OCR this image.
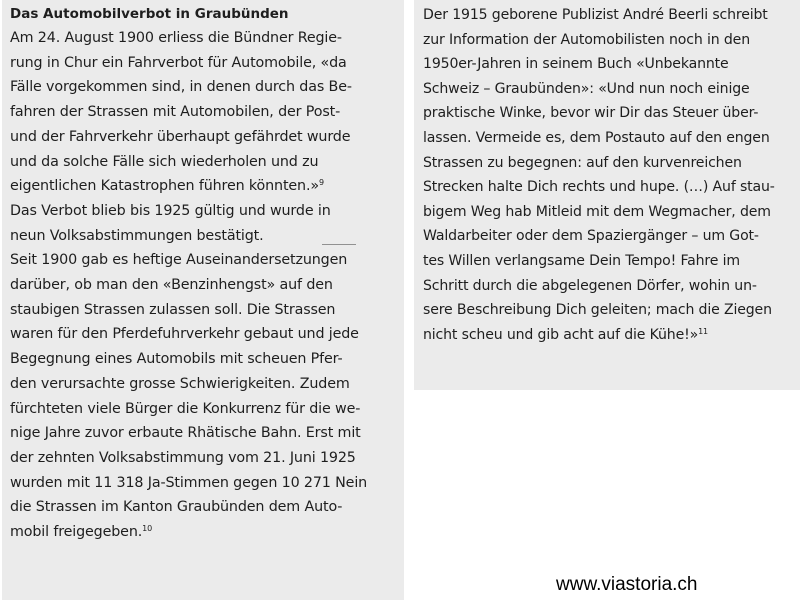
Das Automobilverbot in Graubünden
Am 24. August 1900 erliess die Bündner Regie-
rung in Chur ein Fahrverbot für Automobile, «da
Fälle vorgekommen sind, in denen durch das Be-
fahren der Strassen mit Automobilen, der Post-
und der Fahrverkehr überhaupt gefährdet wurde
und da solche Fälle sich wiederholen und zu
eigentlichen Katastrophen führen könnten.»$^9$
Das Verbot blieb bis 1925 gültig und wurde in
neun Volksabstimmungen bestätigt.
Seit 1900 gab es heftige Auseinandersetzungen
darüber, ob man den «Benzinhengst» auf den
staubigen Strassen zulassen soll. Die Strassen
waren für den Pferdefuhrverkehr gebaut und jede
Begegnung eines Automobils mit scheuen Pfer-
den verursachte grosse Schwierigkeiten. Zudem
fürchteten viele Bürger die Konkurrenz für die we-
nige Jahre zuvor erbaute Rhätische Bahn. Erst mit
der zehnten Volksabstimmung vom 21. Juni 1925
wurden mit 11 318 Ja-Stimmen gegen 10 271 Nein
die Strassen im Kanton Graubünden dem Auto-
mobil freigegeben.$^{10}$
Der 1915 geborene Publizist André Beerli schreibt
zur Information der Automobilisten noch in den
1950er-Jahren in seinem Buch «Unbekannte
Schweiz – Graubünden»: «Und nun noch einige
praktische Winke, bevor wir Dir das Steuer über-
lassen. Vermeide es, dem Postauto auf den engen
Strassen zu begegnen: auf den kurvenreichen
Strecken halte Dich rechts und hupe. (…) Auf stau-
bigem Weg hab Mitleid mit dem Wegmacher, dem
Waldarbeiter oder dem Spaziergänger – um Got-
tes Willen verlangsame Dein Tempo! Fahre im
Schritt durch die abgelegenen Dörfer, wohin un-
sere Beschreibung Dich geleiten; mach die Ziegen
nicht scheu und gib acht auf die Kühe!»$^{11}$
www.viastoria.ch
